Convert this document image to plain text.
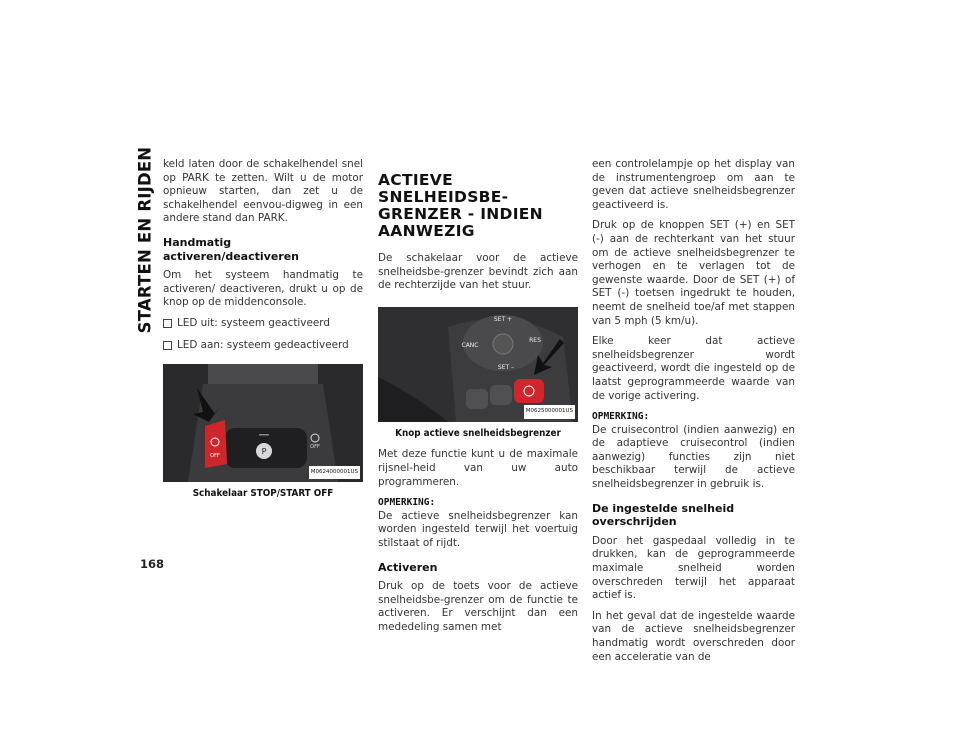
STARTEN EN RIJDEN keld laten door de schakelhendel snel op PARK te zetten. Wilt u de motor opnieuw starten, dan zet u de schakelhendel eenvou-digweg in een andere stand dan PARK.

Handmatig activeren/deactiveren

Om het systeem handmatig te activeren/ deactiveren, drukt u op de knop op de middenconsole.

LED uit: systeem geactiveerd
LED aan: systeem gedeactiveerd
P
OFF
OFF
M0624000001US
Schakelaar STOP/START OFF
ACTIEVE SNELHEIDSBE-GRENZER - INDIEN AANWEZIG

De schakelaar voor de actieve snelheidsbe-grenzer bevindt zich aan de rechterzijde van het stuur.

SET +
CANC
RES
SET –
M0625000001US
Knop actieve snelheidsbegrenzer

Met deze functie kunt u de maximale rijsnel-heid van uw auto programmeren.

OPMERKING:

De actieve snelheidsbegrenzer kan worden ingesteld terwijl het voertuig stilstaat of rijdt.

Activeren

Druk op de toets voor de actieve snelheidsbe-grenzer om de functie te activeren. Er verschijnt dan een mededeling samen met

een controlelampje op het display van de instrumentengroep om aan te geven dat actieve snelheidsbegrenzer geactiveerd is.

Druk op de knoppen SET (+) en SET (-) aan de rechterkant van het stuur om de actieve snelheidsbegrenzer te verhogen en te verlagen tot de gewenste waarde. Door de SET (+) of SET (-) toetsen ingedrukt te houden, neemt de snelheid toe/af met stappen van 5 mph (5 km/u).

Elke keer dat actieve snelheidsbegrenzer wordt geactiveerd, wordt die ingesteld op de laatst geprogrammeerde waarde van de vorige activering.

OPMERKING:

De cruisecontrol (indien aanwezig) en de adaptieve cruisecontrol (indien aanwezig) functies zijn niet beschikbaar terwijl de actieve snelheidsbegrenzer in gebruik is.

De ingestelde snelheid overschrijden

Door het gaspedaal volledig in te drukken, kan de geprogrammeerde maximale snelheid worden overschreden terwijl het apparaat actief is.

In het geval dat de ingestelde waarde van de actieve snelheidsbegrenzer handmatig wordt overschreden door een acceleratie van de

168
